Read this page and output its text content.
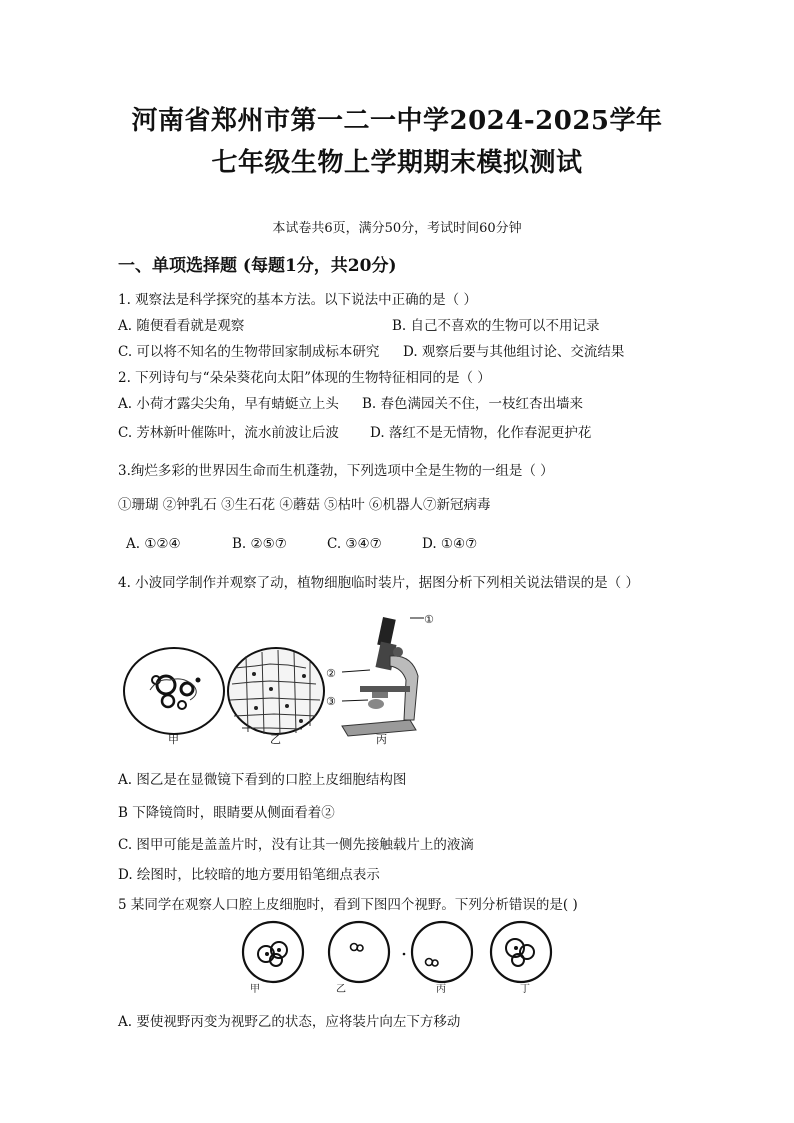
河南省郑州市第一二一中学2024-2025学年
七年级生物上学期期末模拟测试
本试卷共6页，满分50分，考试时间60分钟
一、单项选择题 (每题1分，共20分)
1. 观察法是科学探究的基本方法。以下说法中正确的是（ ）
A. 随便看看就是观察	B. 自己不喜欢的生物可以不用记录
C. 可以将不知名的生物带回家制成标本研究 D. 观察后要与其他组讨论、交流结果
2. 下列诗句与“朵朵葵花向太阳”体现的生物特征相同的是（ ）
A. 小荷才露尖尖角，早有蜻蜓立上头 B. 春色满园关不住，一枝红杏出墙来
C. 芳林新叶催陈叶，流水前波让后波 D. 落红不是无情物，化作春泥更护花
3.绚烂多彩的世界因生命而生机蓬勃，下列选项中全是生物的一组是（ ）
①珊瑚 ②钟乳石 ③生石花 ④蘑菇 ⑤枯叶 ⑥机器人⑦新冠病毒
A. ①②④	B. ②⑤⑦	C. ③④⑦	D. ①④⑦
4. 小波同学制作并观察了动，植物细胞临时装片，据图分析下列相关说法错误的是（ ）
①
②
③
甲	乙	丙
A. 图乙是在显微镜下看到的口腔上皮细胞结构图
B 下降镜筒时，眼睛要从侧面看着②
C. 图甲可能是盖盖片时，没有让其一侧先接触载片上的液滴
D. 绘图时，比较暗的地方要用铅笔细点表示
5 某同学在观察人口腔上皮细胞时，看到下图四个视野。下列分析错误的是( )
甲	乙	丙	丁
A. 要使视野丙变为视野乙的状态，应将装片向左下方移动
